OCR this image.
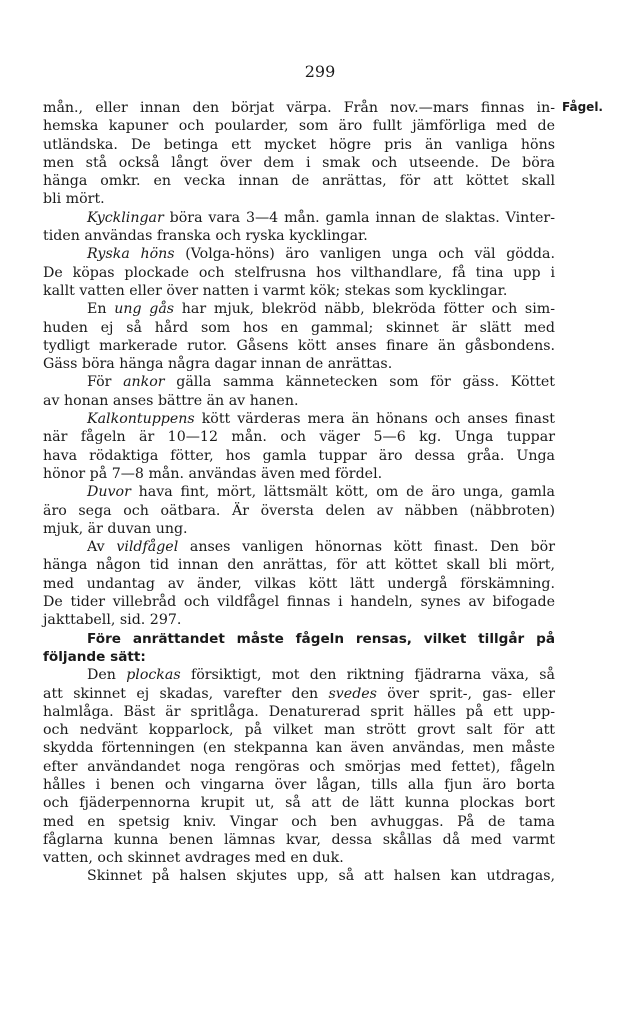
299
Fågel.

mån., eller innan den börjat värpa. Från nov.—mars finnas in-

hemska kapuner och poularder, som äro fullt jämförliga med de

utländska. De betinga ett mycket högre pris än vanliga höns

men stå också långt över dem i smak och utseende. De böra

hänga omkr. en vecka innan de anrättas, för att köttet skall

bli mört.

Kycklingar böra vara 3—4 mån. gamla innan de slaktas. Vinter-

tiden användas franska och ryska kycklingar.

Ryska höns (Volga-höns) äro vanligen unga och väl gödda.

De köpas plockade och stelfrusna hos vilthandlare, få tina upp i

kallt vatten eller över natten i varmt kök; stekas som kycklingar.

En ung gås har mjuk, blekröd näbb, blekröda fötter och sim-

huden ej så hård som hos en gammal; skinnet är slätt med

tydligt markerade rutor. Gåsens kött anses finare än gåsbondens.

Gäss böra hänga några dagar innan de anrättas.

För ankor gälla samma kännetecken som för gäss. Köttet

av honan anses bättre än av hanen.

Kalkontuppens kött värderas mera än hönans och anses finast

när fågeln är 10—12 mån. och väger 5—6 kg. Unga tuppar

hava rödaktiga fötter, hos gamla tuppar äro dessa gråa. Unga

hönor på 7—8 mån. användas även med fördel.

Duvor hava fint, mört, lättsmält kött, om de äro unga, gamla

äro sega och oätbara. Är översta delen av näbben (näbbroten)

mjuk, är duvan ung.

Av vildfågel anses vanligen hönornas kött finast. Den bör

hänga någon tid innan den anrättas, för att köttet skall bli mört,

med undantag av änder, vilkas kött lätt undergå förskämning.

De tider villebråd och vildfågel finnas i handeln, synes av bifogade

jakttabell, sid. 297.

Före anrättandet måste fågeln rensas, vilket tillgår på

följande sätt:

Den plockas försiktigt, mot den riktning fjädrarna växa, så

att skinnet ej skadas, varefter den svedes över sprit-, gas- eller

halmlåga. Bäst är spritlåga. Denaturerad sprit hälles på ett upp-

och nedvänt kopparlock, på vilket man strött grovt salt för att

skydda förtenningen (en stekpanna kan även användas, men måste

efter användandet noga rengöras och smörjas med fettet), fågeln

hålles i benen och vingarna över lågan, tills alla fjun äro borta

och fjäderpennorna krupit ut, så att de lätt kunna plockas bort

med en spetsig kniv. Vingar och ben avhuggas. På de tama

fåglarna kunna benen lämnas kvar, dessa skållas då med varmt

vatten, och skinnet avdrages med en duk.

Skinnet på halsen skjutes upp, så att halsen kan utdragas,
